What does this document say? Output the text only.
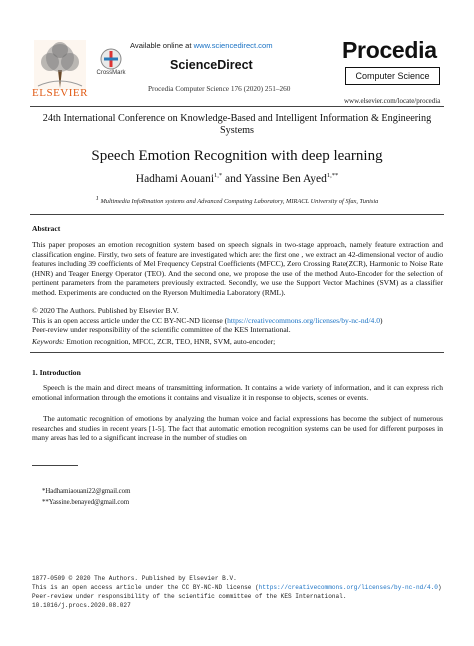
ELSEVIER
CrossMark
Available online at www.sciencedirect.com
ScienceDirect
Procedia Computer Science 176 (2020) 251–260
Procedia
Computer Science
www.elsevier.com/locate/procedia
24th International Conference on Knowledge-Based and Intelligent Information & Engineering Systems
Speech Emotion Recognition with deep learning
Hadhami Aouani$^{1,*}$ and Yassine Ben Ayed$^{1,**}$
$^1$ Multimedia InfoRmation systems and Advanced Computing Laboratory, MIRACL University of Sfax, Tunisia
Abstract
This paper proposes an emotion recognition system based on speech signals in two-stage approach, namely feature extraction and classification engine. Firstly, two sets of feature are investigated which are: the first one , we extract an 42-dimensional vector of audio features including 39 coefficients of Mel Frequency Cepstral Coefficients (MFCC), Zero Crossing Rate(ZCR), Harmonic to Noise Rate (HNR) and Teager Energy Operator (TEO). And the second one, we propose the use of the method Auto-Encoder for the selection of pertinent parameters from the parameters previously extracted. Secondly, we use the Support Vector Machines (SVM) as a classifier method. Experiments are conducted on the Ryerson Multimedia Laboratory (RML).
© 2020 The Authors. Published by Elsevier B.V.
This is an open access article under the CC BY-NC-ND license (https://creativecommons.org/licenses/by-nc-nd/4.0)
Peer-review under responsibility of the scientific committee of the KES International.
Keywords: Emotion recognition, MFCC, ZCR, TEO, HNR, SVM, auto-encoder;
1. Introduction
Speech is the main and direct means of transmitting information. It contains a wide variety of information, and it can express rich emotional information through the emotions it contains and visualize it in response to objects, scenes or events.
The automatic recognition of emotions by analyzing the human voice and facial expressions has become the subject of numerous researches and studies in recent years [1-5]. The fact that automatic emotion recognition systems can be used for different purposes in many areas has led to a significant increase in the number of studies on
*Hadhamiaouani22@gmail.com
**Yassine.benayed@gmail.com
1877-0509 © 2020 The Authors. Published by Elsevier B.V.
This is an open access article under the CC BY-NC-ND license (https://creativecommons.org/licenses/by-nc-nd/4.0)
Peer-review under responsibility of the scientific committee of the KES International.
10.1016/j.procs.2020.08.027
